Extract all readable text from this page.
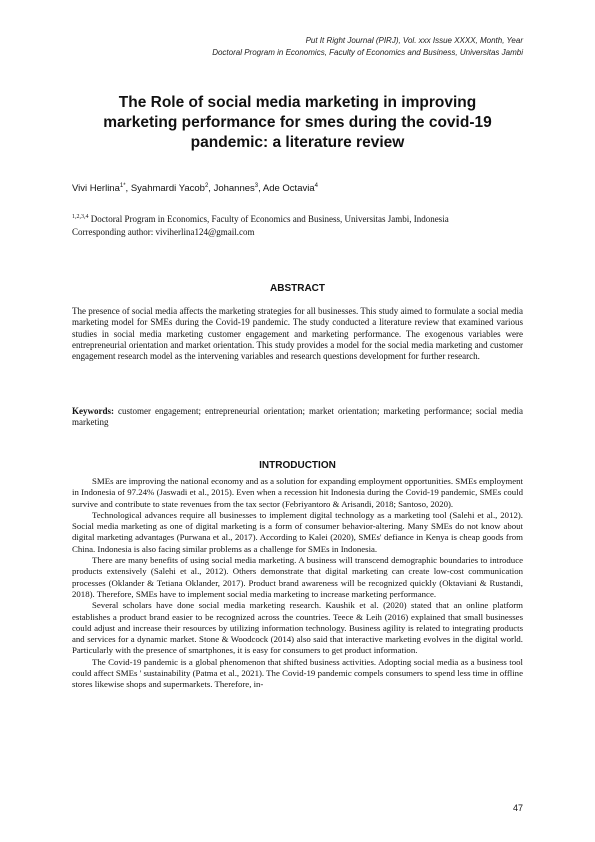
Put It Right Journal (PIRJ), Vol. xxx Issue XXXX, Month, Year
Doctoral Program in Economics, Faculty of Economics and Business, Universitas Jambi
The Role of social media marketing in improving marketing performance for smes during the covid-19 pandemic: a literature review
Vivi Herlina$^{1*}$, Syahmardi Yacob$^2$, Johannes$^3$, Ade Octavia$^4$
$^{1,2,3,4}$ Doctoral Program in Economics, Faculty of Economics and Business, Universitas Jambi, Indonesia
Corresponding author: viviherlina124@gmail.com
ABSTRACT

The presence of social media affects the marketing strategies for all businesses. This study aimed to formulate a social media marketing model for SMEs during the Covid-19 pandemic. The study conducted a literature review that examined various studies in social media marketing customer engagement and marketing performance. The exogenous variables were entrepreneurial orientation and market orientation. This study provides a model for the social media marketing and customer engagement research model as the intervening variables and research questions development for further research.

Keywords: customer engagement; entrepreneurial orientation; market orientation; marketing performance; social media marketing

INTRODUCTION

SMEs are improving the national economy and as a solution for expanding employment opportunities. SMEs employment in Indonesia of 97.24% (Jaswadi et al., 2015). Even when a recession hit Indonesia during the Covid-19 pandemic, SMEs could survive and contribute to state revenues from the tax sector (Febriyantoro & Arisandi, 2018; Santoso, 2020).

Technological advances require all businesses to implement digital technology as a marketing tool (Salehi et al., 2012). Social media marketing as one of digital marketing is a form of consumer behavior-altering. Many SMEs do not know about digital marketing advantages (Purwana et al., 2017). According to Kalei (2020), SMEs' defiance in Kenya is cheap goods from China. Indonesia is also facing similar problems as a challenge for SMEs in Indonesia.

There are many benefits of using social media marketing. A business will transcend demographic boundaries to introduce products extensively (Salehi et al., 2012). Others demonstrate that digital marketing can create low-cost communication processes (Oklander & Tetiana Oklander, 2017). Product brand awareness will be recognized quickly (Oktaviani & Rustandi, 2018). Therefore, SMEs have to implement social media marketing to increase marketing performance.

Several scholars have done social media marketing research. Kaushik et al. (2020) stated that an online platform establishes a product brand easier to be recognized across the countries. Teece & Leih (2016) explained that small businesses could adjust and increase their resources by utilizing information technology. Business agility is related to integrating products and services for a dynamic market. Stone & Woodcock (2014) also said that interactive marketing evolves in the digital world. Particularly with the presence of smartphones, it is easy for consumers to get product information.

The Covid-19 pandemic is a global phenomenon that shifted business activities. Adopting social media as a business tool could affect SMEs ' sustainability (Patma et al., 2021). The Covid-19 pandemic compels consumers to spend less time in offline stores likewise shops and supermarkets. Therefore, in-

47
